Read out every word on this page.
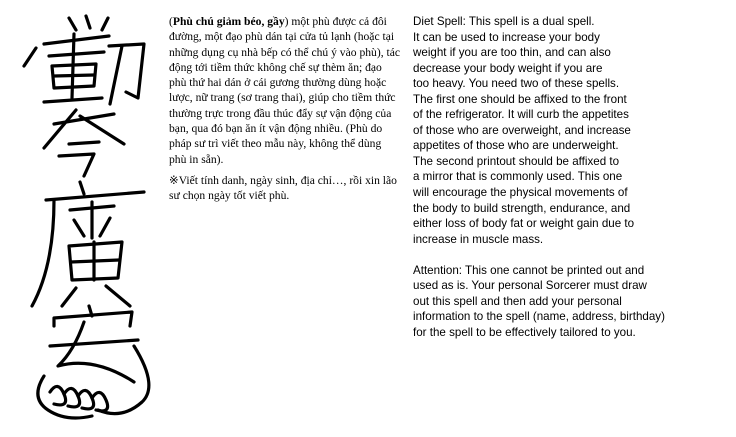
(Phù chú giảm béo, gầy) một phù được cả đôi đường, một đạo phù dán tại cửa tủ lạnh (hoặc tại những dụng cụ nhà bếp có thể chú ý vào phù), tác động tới tiềm thức không chế sự thèm ăn; đạo phù thứ hai dán ở cái gương thường dùng hoặc lược, nữ trang (sơ trang thai), giúp cho tiềm thức thường trực trong đầu thúc đẩy sự vận động của bạn, qua đó bạn ăn ít vận động nhiều. (Phù do pháp sư trì viết theo mẫu này, không thể dùng phù in sẵn).

※Viết tính danh, ngày sinh, địa chỉ…, rồi xin lão sư chọn ngày tốt viết phù.

Diet Spell: This spell is a dual spell.
It can be used to increase your body
weight if you are too thin, and can also
decrease your body weight if you are
too heavy. You need two of these spells.
The first one should be affixed to the front
of the refrigerator. It will curb the appetites
of those who are overweight, and increase
appetites of those who are underweight.
The second printout should be affixed to
a mirror that is commonly used. This one
will encourage the physical movements of
the body to build strength, endurance, and
either loss of body fat or weight gain due to
increase in muscle mass.

Attention: This one cannot be printed out and
used as is. Your personal Sorcerer must draw
out this spell and then add your personal
information to the spell (name, address, birthday)
for the spell to be effectively tailored to you.
